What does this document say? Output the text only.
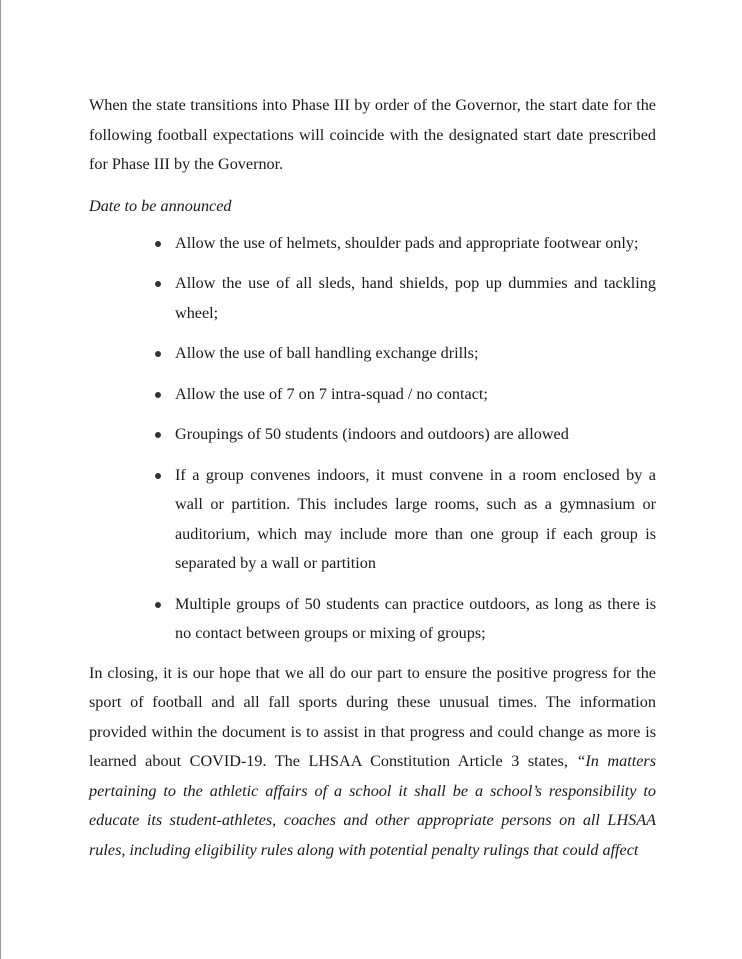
When the state transitions into Phase III by order of the Governor, the start date for the following football expectations will coincide with the designated start date prescribed for Phase III by the Governor.

Date to be announced

Allow the use of helmets, shoulder pads and appropriate footwear only;
Allow the use of all sleds, hand shields, pop up dummies and tackling wheel;
Allow the use of ball handling exchange drills;
Allow the use of 7 on 7 intra-squad / no contact;
Groupings of 50 students (indoors and outdoors) are allowed
If a group convenes indoors, it must convene in a room enclosed by a wall or partition. This includes large rooms, such as a gymnasium or auditorium, which may include more than one group if each group is separated by a wall or partition
Multiple groups of 50 students can practice outdoors, as long as there is no contact between groups or mixing of groups;

In closing, it is our hope that we all do our part to ensure the positive progress for the sport of football and all fall sports during these unusual times. The information provided within the document is to assist in that progress and could change as more is learned about COVID-19. The LHSAA Constitution Article 3 states, “In matters pertaining to the athletic affairs of a school it shall be a school’s responsibility to educate its student-athletes, coaches and other appropriate persons on all LHSAA rules, including eligibility rules along with potential penalty rulings that could affect
